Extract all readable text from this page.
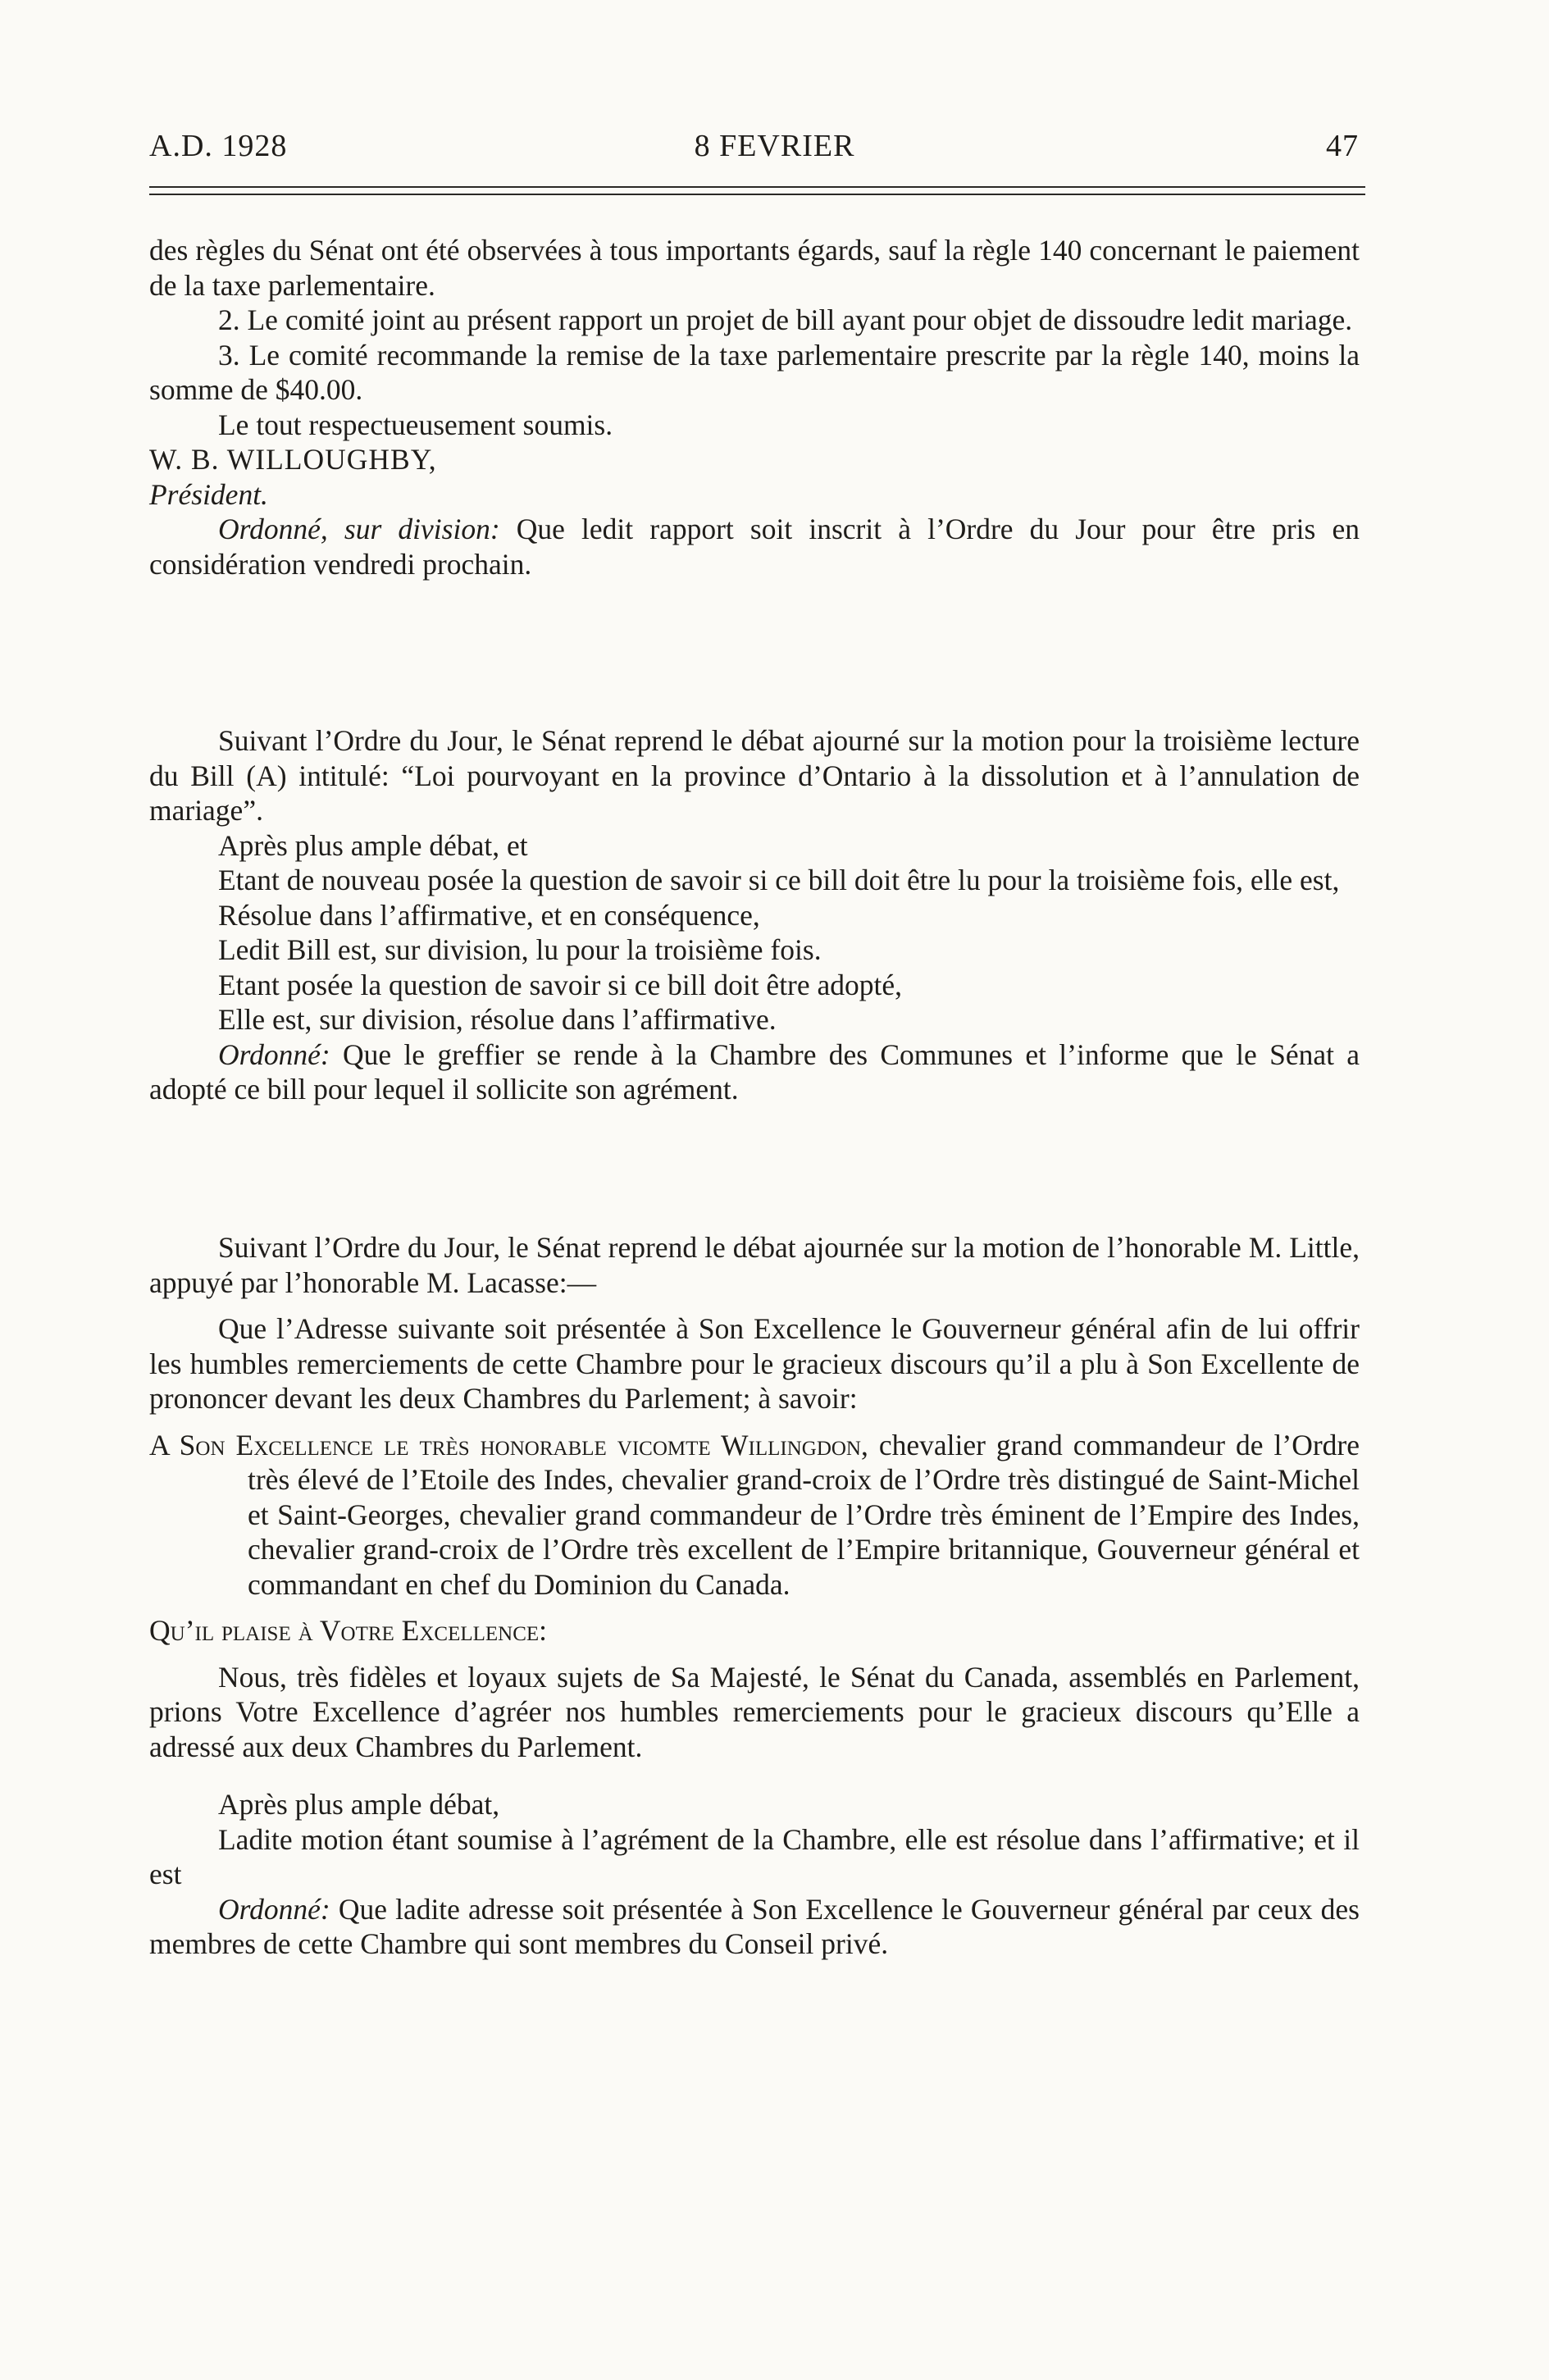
A.D. 1928	8 FEVRIER	47

des règles du Sénat ont été observées à tous importants égards, sauf la règle 140 concernant le paiement de la taxe parlementaire.

2. Le comité joint au présent rapport un projet de bill ayant pour objet de dissoudre ledit mariage.

3. Le comité recommande la remise de la taxe parlementaire prescrite par la règle 140, moins la somme de $40.00.

Le tout respectueusement soumis.

W. B. WILLOUGHBY,

Président.

Ordonné, sur division: Que ledit rapport soit inscrit à l’Ordre du Jour pour être pris en considération vendredi prochain.

Suivant l’Ordre du Jour, le Sénat reprend le débat ajourné sur la motion pour la troisième lecture du Bill (A) intitulé: “Loi pourvoyant en la province d’Ontario à la dissolution et à l’annulation de mariage”.

Après plus ample débat, et

Etant de nouveau posée la question de savoir si ce bill doit être lu pour la troisième fois, elle est,

Résolue dans l’affirmative, et en conséquence,

Ledit Bill est, sur division, lu pour la troisième fois.

Etant posée la question de savoir si ce bill doit être adopté,

Elle est, sur division, résolue dans l’affirmative.

Ordonné: Que le greffier se rende à la Chambre des Communes et l’informe que le Sénat a adopté ce bill pour lequel il sollicite son agrément.

Suivant l’Ordre du Jour, le Sénat reprend le débat ajournée sur la motion de l’honorable M. Little, appuyé par l’honorable M. Lacasse:—

Que l’Adresse suivante soit présentée à Son Excellence le Gouverneur général afin de lui offrir les humbles remerciements de cette Chambre pour le gracieux discours qu’il a plu à Son Excellente de prononcer devant les deux Chambres du Parlement; à savoir:

A Son Excellence le très honorable vicomte Willingdon, chevalier grand commandeur de l’Ordre très élevé de l’Etoile des Indes, chevalier grand-croix de l’Ordre très distingué de Saint-Michel et Saint-Georges, chevalier grand commandeur de l’Ordre très éminent de l’Empire des Indes, chevalier grand-croix de l’Ordre très excellent de l’Empire britannique, Gouverneur général et commandant en chef du Dominion du Canada.

Qu’il plaise à Votre Excellence:

Nous, très fidèles et loyaux sujets de Sa Majesté, le Sénat du Canada, assemblés en Parlement, prions Votre Excellence d’agréer nos humbles remerciements pour le gracieux discours qu’Elle a adressé aux deux Chambres du Parlement.

Après plus ample débat,

Ladite motion étant soumise à l’agrément de la Chambre, elle est résolue dans l’affirmative; et il est

Ordonné: Que ladite adresse soit présentée à Son Excellence le Gouverneur général par ceux des membres de cette Chambre qui sont membres du Conseil privé.
